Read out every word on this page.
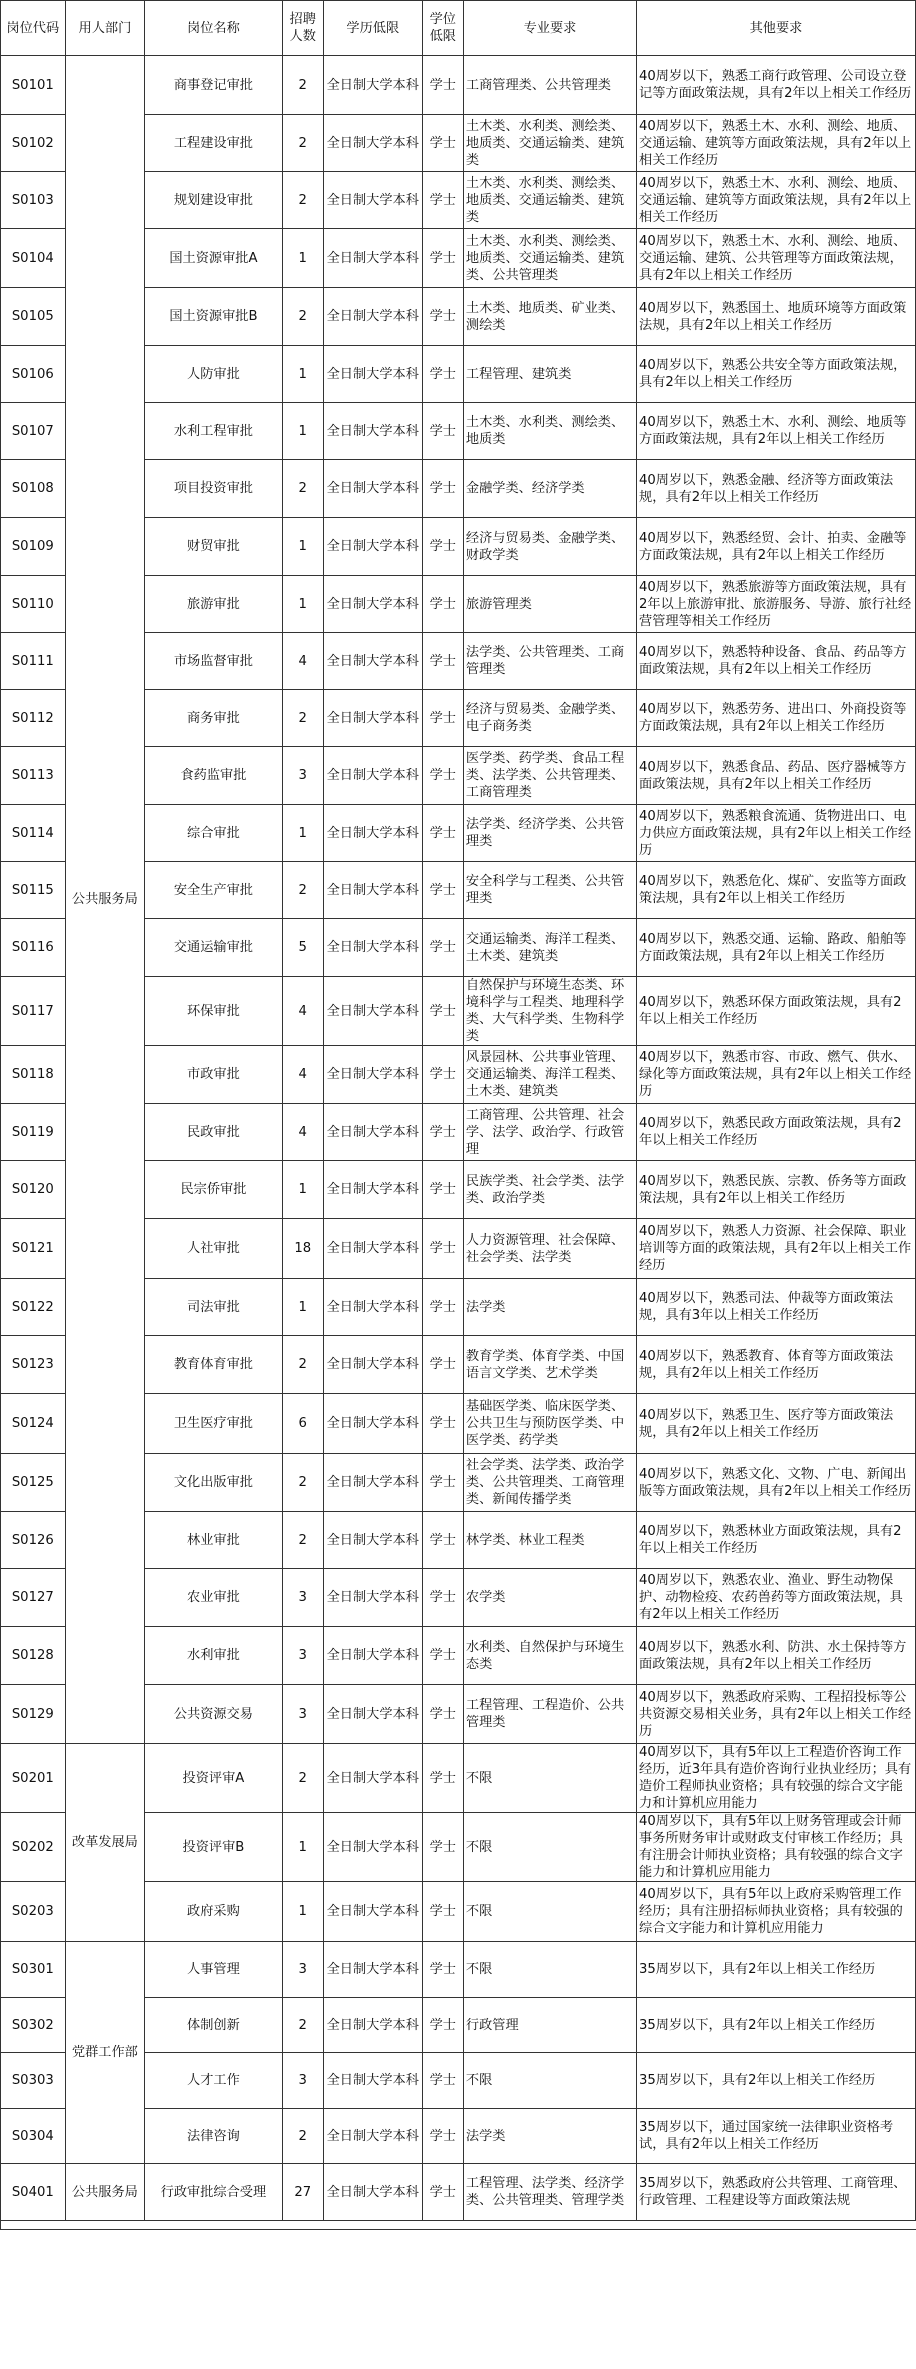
岗位代码	用人部门	岗位名称	招聘人数	学历低限	学位低限	专业要求	其他要求
S0101	公共服务局	商事登记审批	2	全日制大学本科	学士	工商管理类、公共管理类	40周岁以下，熟悉工商行政管理、公司设立登记等方面政策法规，具有2年以上相关工作经历
S0102		工程建设审批	2	全日制大学本科	学士	土木类、水利类、测绘类、地质类、交通运输类、建筑类	40周岁以下，熟悉土木、水利、测绘、地质、交通运输、建筑等方面政策法规，具有2年以上相关工作经历
S0103		规划建设审批	2	全日制大学本科	学士	土木类、水利类、测绘类、地质类、交通运输类、建筑类	40周岁以下，熟悉土木、水利、测绘、地质、交通运输、建筑等方面政策法规，具有2年以上相关工作经历
S0104		国土资源审批A	1	全日制大学本科	学士	土木类、水利类、测绘类、地质类、交通运输类、建筑类、公共管理类	40周岁以下，熟悉土木、水利、测绘、地质、交通运输、建筑、公共管理等方面政策法规，具有2年以上相关工作经历
S0105		国土资源审批B	2	全日制大学本科	学士	土木类、地质类、矿业类、测绘类	40周岁以下，熟悉国土、地质环境等方面政策法规，具有2年以上相关工作经历
S0106		人防审批	1	全日制大学本科	学士	工程管理、建筑类	40周岁以下，熟悉公共安全等方面政策法规，具有2年以上相关工作经历
S0107		水利工程审批	1	全日制大学本科	学士	土木类、水利类、测绘类、地质类	40周岁以下，熟悉土木、水利、测绘、地质等方面政策法规，具有2年以上相关工作经历
S0108		项目投资审批	2	全日制大学本科	学士	金融学类、经济学类	40周岁以下，熟悉金融、经济等方面政策法规，具有2年以上相关工作经历
S0109		财贸审批	1	全日制大学本科	学士	经济与贸易类、金融学类、财政学类	40周岁以下，熟悉经贸、会计、拍卖、金融等方面政策法规，具有2年以上相关工作经历
S0110		旅游审批	1	全日制大学本科	学士	旅游管理类	40周岁以下，熟悉旅游等方面政策法规，具有2年以上旅游审批、旅游服务、导游、旅行社经营管理等相关工作经历
S0111		市场监督审批	4	全日制大学本科	学士	法学类、公共管理类、工商管理类	40周岁以下，熟悉特种设备、食品、药品等方面政策法规，具有2年以上相关工作经历
S0112		商务审批	2	全日制大学本科	学士	经济与贸易类、金融学类、电子商务类	40周岁以下，熟悉劳务、进出口、外商投资等方面政策法规，具有2年以上相关工作经历
S0113		食药监审批	3	全日制大学本科	学士	医学类、药学类、食品工程类、法学类、公共管理类、工商管理类	40周岁以下，熟悉食品、药品、医疗器械等方面政策法规，具有2年以上相关工作经历
S0114		综合审批	1	全日制大学本科	学士	法学类、经济学类、公共管理类	40周岁以下，熟悉粮食流通、货物进出口、电力供应方面政策法规，具有2年以上相关工作经历
S0115		安全生产审批	2	全日制大学本科	学士	安全科学与工程类、公共管理类	40周岁以下，熟悉危化、煤矿、安监等方面政策法规，具有2年以上相关工作经历
S0116		交通运输审批	5	全日制大学本科	学士	交通运输类、海洋工程类、土木类、建筑类	40周岁以下，熟悉交通、运输、路政、船舶等方面政策法规，具有2年以上相关工作经历
S0117		环保审批	4	全日制大学本科	学士	自然保护与环境生态类、环境科学与工程类、地理科学类、大气科学类、生物科学类	40周岁以下，熟悉环保方面政策法规，具有2年以上相关工作经历
S0118		市政审批	4	全日制大学本科	学士	风景园林、公共事业管理、交通运输类、海洋工程类、土木类、建筑类	40周岁以下，熟悉市容、市政、燃气、供水、绿化等方面政策法规，具有2年以上相关工作经历
S0119		民政审批	4	全日制大学本科	学士	工商管理、公共管理、社会学、法学、政治学、行政管理	40周岁以下，熟悉民政方面政策法规，具有2年以上相关工作经历
S0120		民宗侨审批	1	全日制大学本科	学士	民族学类、社会学类、法学类、政治学类	40周岁以下，熟悉民族、宗教、侨务等方面政策法规，具有2年以上相关工作经历
S0121		人社审批	18	全日制大学本科	学士	人力资源管理、社会保障、社会学类、法学类	40周岁以下，熟悉人力资源、社会保障、职业培训等方面的政策法规，具有2年以上相关工作经历
S0122		司法审批	1	全日制大学本科	学士	法学类	40周岁以下，熟悉司法、仲裁等方面政策法规，具有3年以上相关工作经历
S0123		教育体育审批	2	全日制大学本科	学士	教育学类、体育学类、中国语言文学类、艺术学类	40周岁以下，熟悉教育、体育等方面政策法规，具有2年以上相关工作经历
S0124		卫生医疗审批	6	全日制大学本科	学士	基础医学类、临床医学类、公共卫生与预防医学类、中医学类、药学类	40周岁以下，熟悉卫生、医疗等方面政策法规，具有2年以上相关工作经历
S0125		文化出版审批	2	全日制大学本科	学士	社会学类、法学类、政治学类、公共管理类、工商管理类、新闻传播学类	40周岁以下，熟悉文化、文物、广电、新闻出版等方面政策法规，具有2年以上相关工作经历
S0126		林业审批	2	全日制大学本科	学士	林学类、林业工程类	40周岁以下，熟悉林业方面政策法规，具有2年以上相关工作经历
S0127		农业审批	3	全日制大学本科	学士	农学类	40周岁以下，熟悉农业、渔业、野生动物保护、动物检疫、农药兽药等方面政策法规，具有2年以上相关工作经历
S0128		水利审批	3	全日制大学本科	学士	水利类、自然保护与环境生态类	40周岁以下，熟悉水利、防洪、水土保持等方面政策法规，具有2年以上相关工作经历
S0129		公共资源交易	3	全日制大学本科	学士	工程管理、工程造价、公共管理类	40周岁以下，熟悉政府采购、工程招投标等公共资源交易相关业务，具有2年以上相关工作经历
S0201	改革发展局	投资评审A	2	全日制大学本科	学士	不限	40周岁以下，具有5年以上工程造价咨询工作经历，近3年具有造价咨询行业执业经历；具有造价工程师执业资格；具有较强的综合文字能力和计算机应用能力
S0202		投资评审B	1	全日制大学本科	学士	不限	40周岁以下，具有5年以上财务管理或会计师事务所财务审计或财政支付审核工作经历；具有注册会计师执业资格；具有较强的综合文字能力和计算机应用能力
S0203		政府采购	1	全日制大学本科	学士	不限	40周岁以下，具有5年以上政府采购管理工作经历；具有注册招标师执业资格；具有较强的综合文字能力和计算机应用能力
S0301	党群工作部	人事管理	3	全日制大学本科	学士	不限	35周岁以下，具有2年以上相关工作经历
S0302		体制创新	2	全日制大学本科	学士	行政管理	35周岁以下，具有2年以上相关工作经历
S0303		人才工作	3	全日制大学本科	学士	不限	35周岁以下，具有2年以上相关工作经历
S0304		法律咨询	2	全日制大学本科	学士	法学类	35周岁以下，通过国家统一法律职业资格考试，具有2年以上相关工作经历
S0401	公共服务局	行政审批综合受理	27	全日制大学本科	学士	工程管理、法学类、经济学类、公共管理类、管理学类	35周岁以下，熟悉政府公共管理、工商管理、行政管理、工程建设等方面政策法规
